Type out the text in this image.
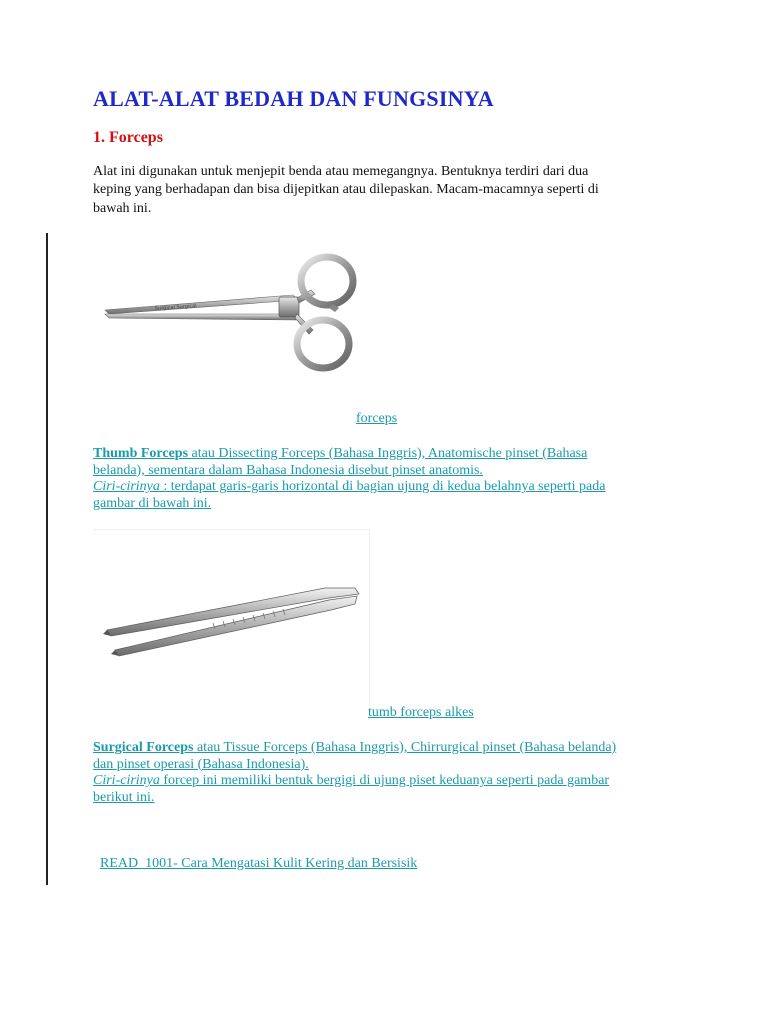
ALAT-ALAT BEDAH DAN FUNGSINYA
1. Forceps
Alat ini digunakan untuk menjepit benda atau memegangnya. Bentuknya terdiri dari dua
keping yang berhadapan dan bisa dijepitkan atau dilepaskan. Macam-macamnya seperti di
bawah ini.
Surgical Surgical
forceps
Thumb Forceps atau Dissecting Forceps (Bahasa Inggris), Anatomische pinset (Bahasa
belanda), sementara dalam Bahasa Indonesia disebut pinset anatomis.
Ciri-cirinya : terdapat garis-garis horizontal di bagian ujung di kedua belahnya seperti pada
gambar di bawah ini.
tumb forceps alkes
Surgical Forceps atau Tissue Forceps (Bahasa Inggris), Chirrurgical pinset (Bahasa belanda)
dan pinset operasi (Bahasa Indonesia).
Ciri-cirinya forcep ini memiliki bentuk bergigi di ujung piset keduanya seperti pada gambar
berikut ini.

READ  1001- Cara Mengatasi Kulit Kering dan Bersisik
